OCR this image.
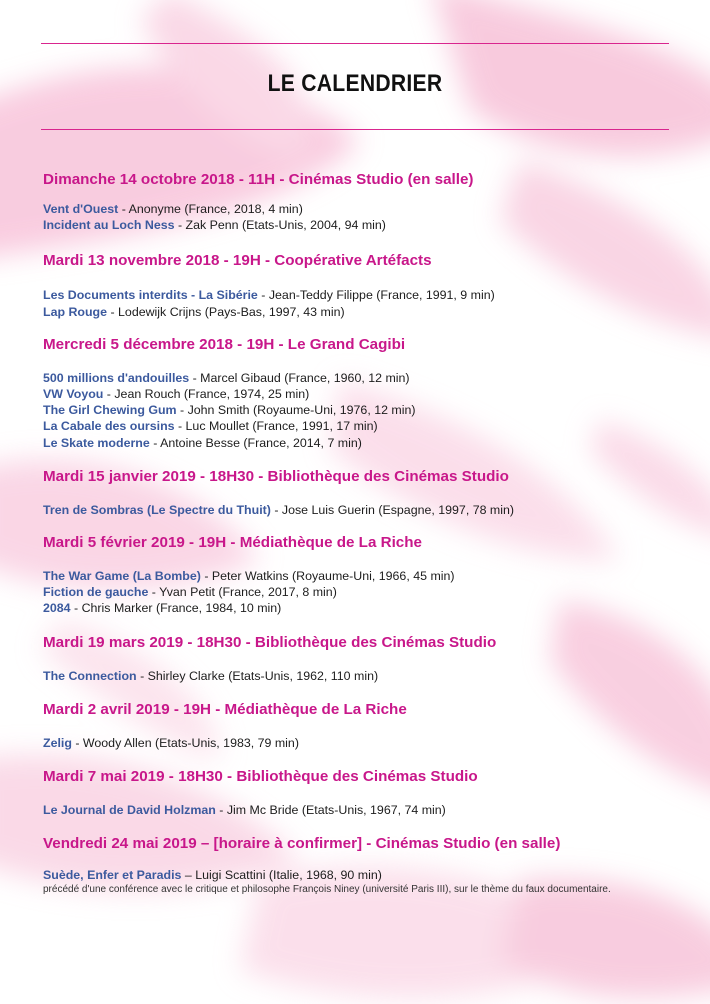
LE CALENDRIER
Dimanche 14 octobre 2018 - 11H - Cinémas Studio (en salle)
Vent d'Ouest - Anonyme (France, 2018, 4 min)
Incident au Loch Ness - Zak Penn (Etats-Unis, 2004, 94 min)
Mardi 13 novembre 2018 - 19H - Coopérative Artéfacts
Les Documents interdits - La Sibérie - Jean-Teddy Filippe (France, 1991, 9 min)
Lap Rouge - Lodewijk Crijns (Pays-Bas, 1997, 43 min)
Mercredi 5 décembre 2018 - 19H - Le Grand Cagibi
500 millions d'andouilles - Marcel Gibaud (France, 1960, 12 min)
VW Voyou - Jean Rouch (France, 1974, 25 min)
The Girl Chewing Gum - John Smith (Royaume-Uni, 1976, 12 min)
La Cabale des oursins - Luc Moullet (France, 1991, 17 min)
Le Skate moderne - Antoine Besse (France, 2014, 7 min)
Mardi 15 janvier 2019 - 18H30 - Bibliothèque des Cinémas Studio
Tren de Sombras (Le Spectre du Thuit) - Jose Luis Guerin (Espagne, 1997, 78 min)
Mardi 5 février 2019 - 19H - Médiathèque de La Riche
The War Game (La Bombe) - Peter Watkins (Royaume-Uni, 1966, 45 min)
Fiction de gauche - Yvan Petit (France, 2017, 8 min)
2084 - Chris Marker (France, 1984, 10 min)
Mardi 19 mars 2019 - 18H30 - Bibliothèque des Cinémas Studio
The Connection - Shirley Clarke (Etats-Unis, 1962, 110 min)
Mardi 2 avril 2019 - 19H - Médiathèque de La Riche
Zelig - Woody Allen (Etats-Unis, 1983, 79 min)
Mardi 7 mai 2019 - 18H30 - Bibliothèque des Cinémas Studio
Le Journal de David Holzman - Jim Mc Bride (Etats-Unis, 1967, 74 min)
Vendredi 24 mai 2019 – [horaire à confirmer] - Cinémas Studio (en salle)
Suède, Enfer et Paradis – Luigi Scattini (Italie, 1968, 90 min)
précédé d'une conférence avec le critique et philosophe François Niney (université Paris III), sur le thème du faux documentaire.
